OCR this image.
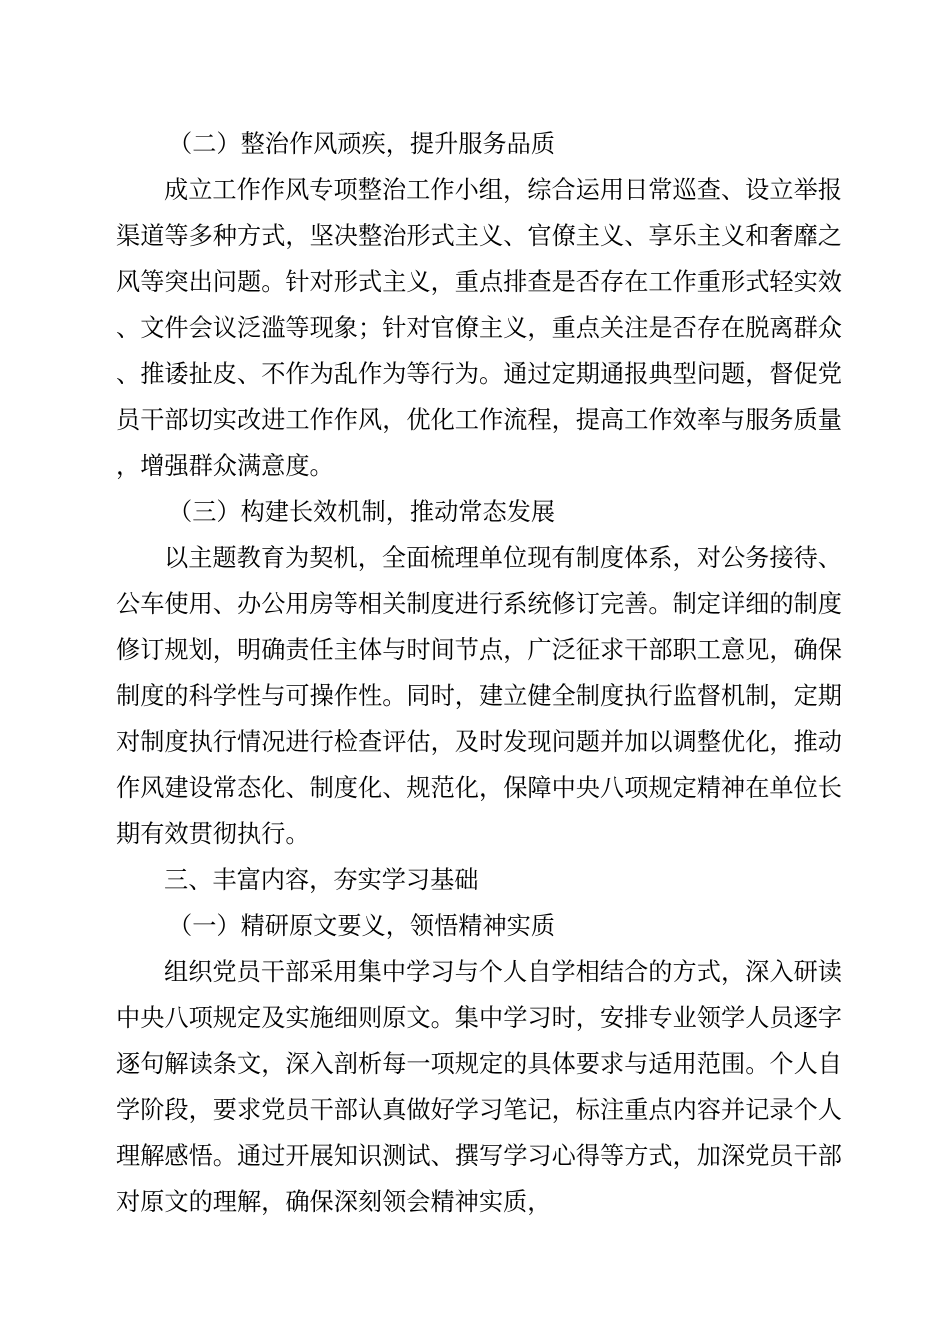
（二）整治作风顽疾，提升服务品质

成立工作作风专项整治工作小组，综合运用日常巡查、设立举报渠道等多种方式，坚决整治形式主义、官僚主义、享乐主义和奢靡之风等突出问题。针对形式主义，重点排查是否存在工作重形式轻实效、文件会议泛滥等现象；针对官僚主义，重点关注是否存在脱离群众、推诿扯皮、不作为乱作为等行为。通过定期通报典型问题，督促党员干部切实改进工作作风，优化工作流程，提高工作效率与服务质量，增强群众满意度。

（三）构建长效机制，推动常态发展

以主题教育为契机，全面梳理单位现有制度体系，对公务接待、公车使用、办公用房等相关制度进行系统修订完善。制定详细的制度修订规划，明确责任主体与时间节点，广泛征求干部职工意见，确保制度的科学性与可操作性。同时，建立健全制度执行监督机制，定期对制度执行情况进行检查评估，及时发现问题并加以调整优化，推动作风建设常态化、制度化、规范化，保障中央八项规定精神在单位长期有效贯彻执行。

三、丰富内容，夯实学习基础

（一）精研原文要义，领悟精神实质

组织党员干部采用集中学习与个人自学相结合的方式，深入研读中央八项规定及实施细则原文。集中学习时，安排专业领学人员逐字逐句解读条文，深入剖析每一项规定的具体要求与适用范围。个人自学阶段，要求党员干部认真做好学习笔记，标注重点内容并记录个人理解感悟。通过开展知识测试、撰写学习心得等方式，加深党员干部对原文的理解，确保深刻领会精神实质，
